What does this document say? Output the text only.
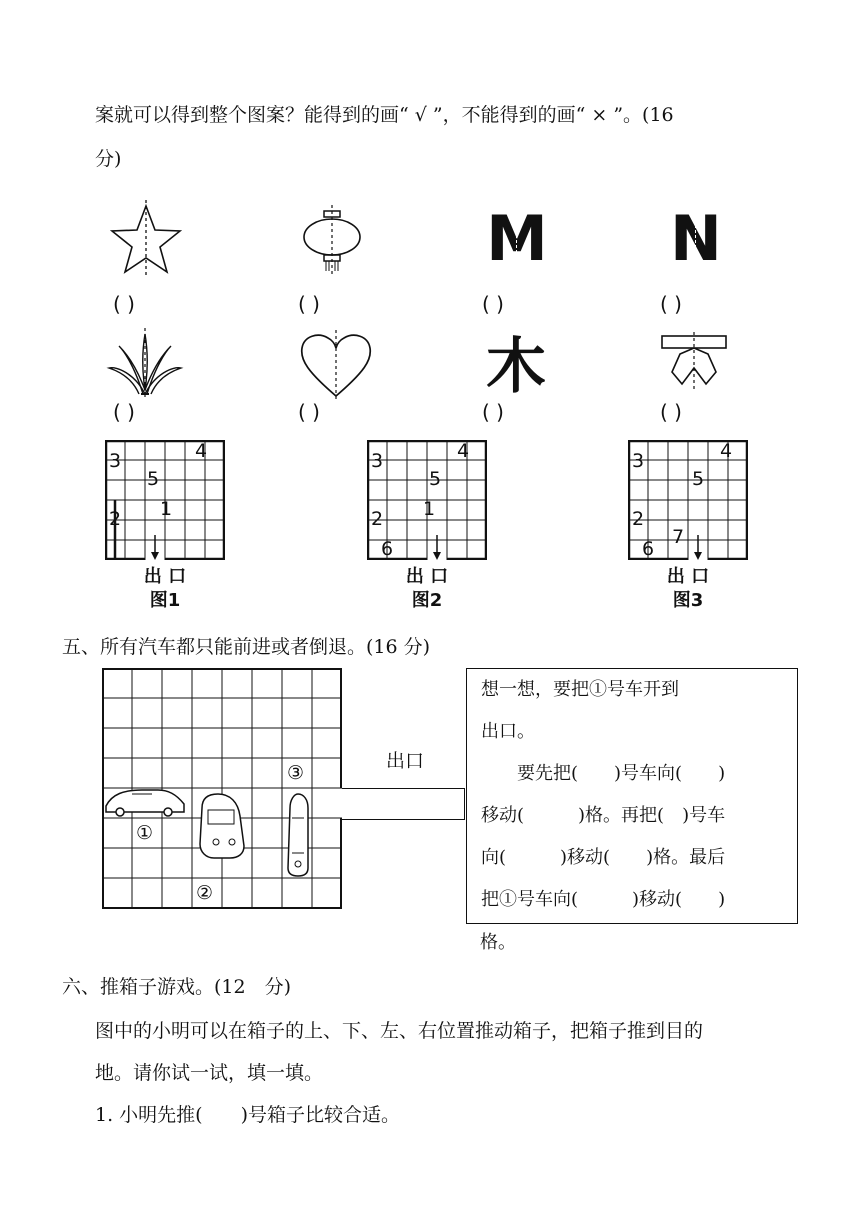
案就可以得到整个图案？能得到的画“ √ ”，不能得到的画“ × ”。(16
分)
M N
( )	( )	( )	( )
木
( )	( )	( )	( )
3	4
5
2 1
出 口
图1
3	4
5
2 1
6
出 口
图2
3	4
5
2
6
7
出 口
图3
五、所有汽车都只能前进或者倒退。(16 分)
①
②
③
出口
想一想，要把①号车开到
出口。
　　要先把(　　)号车向(　　)
移动(　　　)格。再把(　)号车
向(　　　)移动(　　)格。最后
把①号车向(　　　)移动(　　)
格。
六、推箱子游戏。(12　分)
图中的小明可以在箱子的上、下、左、右位置推动箱子，把箱子推到目的
地。请你试一试，填一填。
1. 小明先推(　　)号箱子比较合适。
